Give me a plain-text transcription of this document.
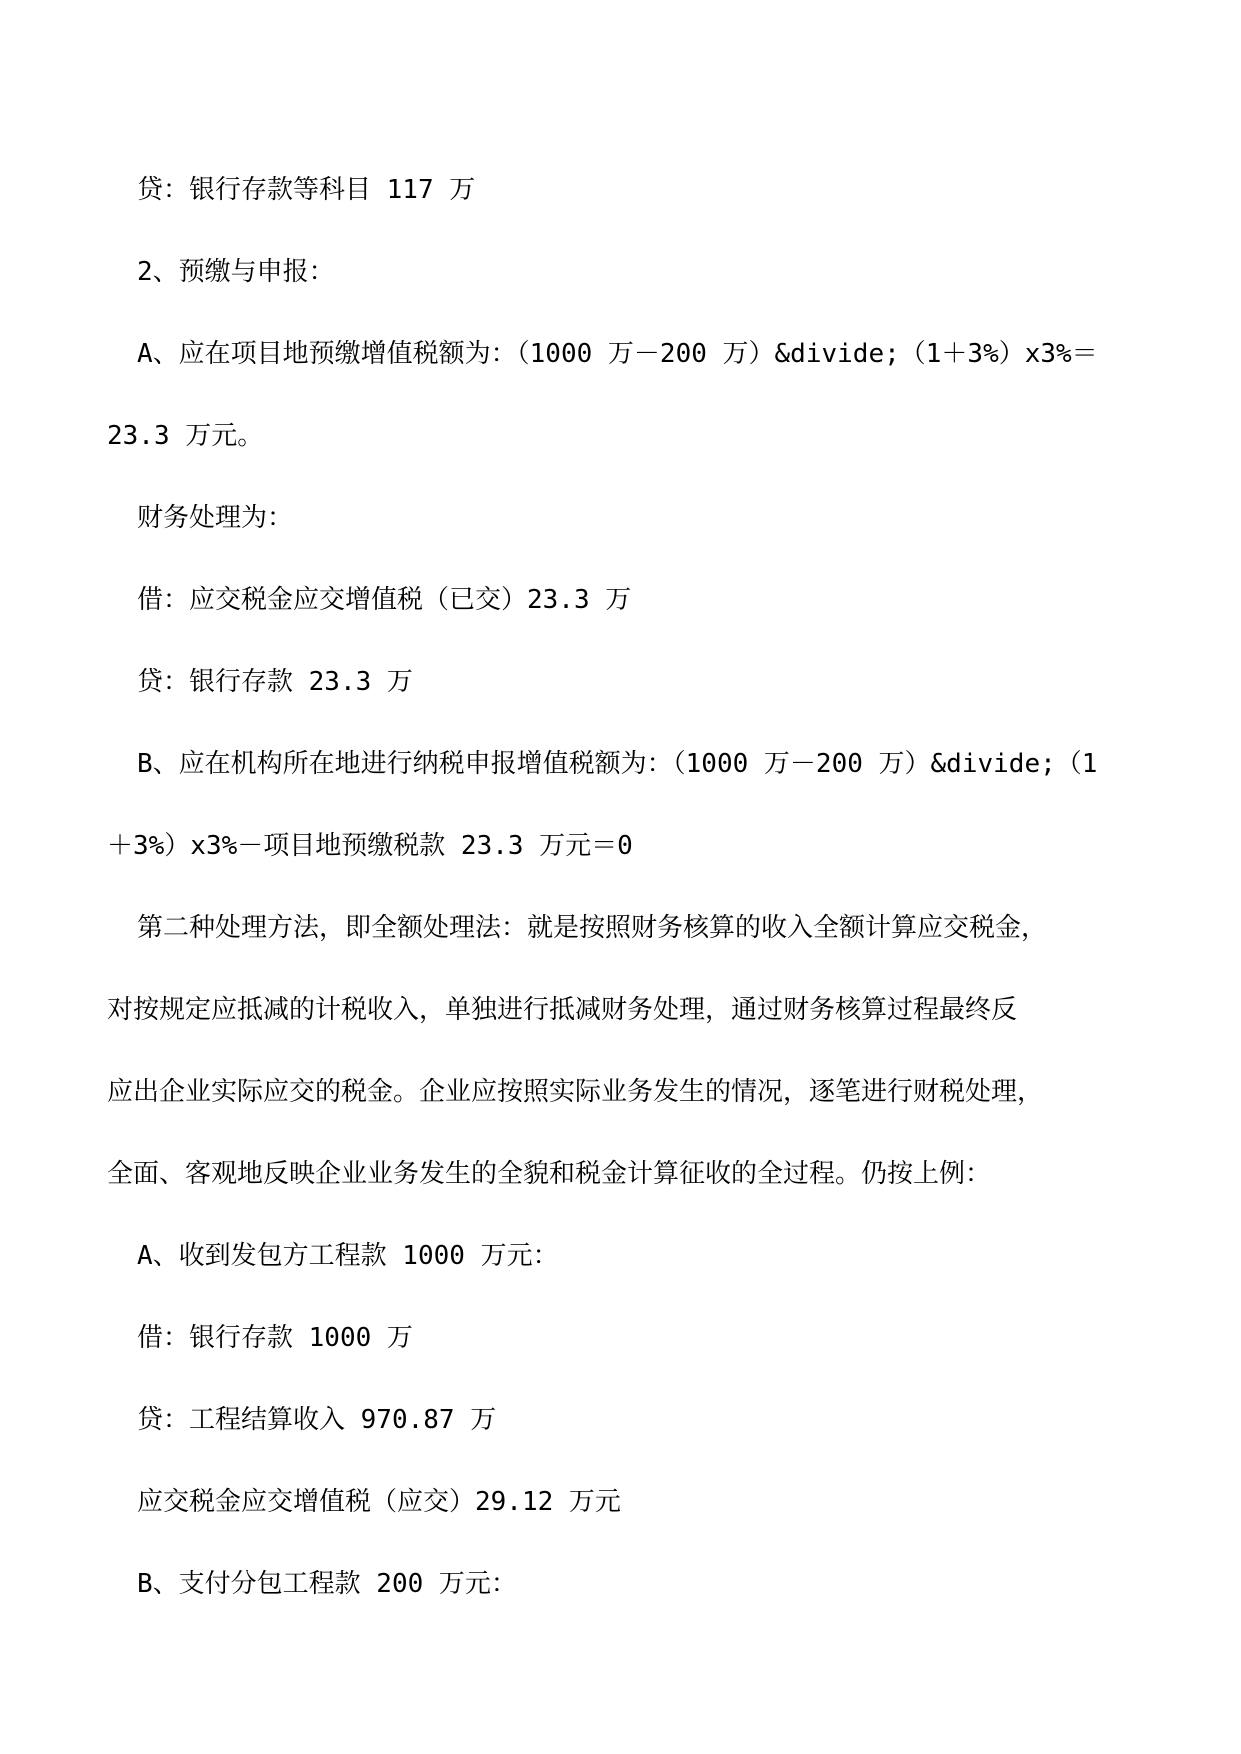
贷：银行存款等科目 117 万
2、预缴与申报：
A、应在项目地预缴增值税额为：（1000 万－200 万）&divide;（1＋3%）x3%＝
23.3 万元。
财务处理为：
借：应交税金应交增值税（已交）23.3 万
贷：银行存款 23.3 万
B、应在机构所在地进行纳税申报增值税额为：（1000 万－200 万）&divide;（1
＋3%）x3%－项目地预缴税款 23.3 万元＝0
第二种处理方法，即全额处理法：就是按照财务核算的收入全额计算应交税金，
对按规定应抵减的计税收入，单独进行抵减财务处理，通过财务核算过程最终反
应出企业实际应交的税金。企业应按照实际业务发生的情况，逐笔进行财税处理，
全面、客观地反映企业业务发生的全貌和税金计算征收的全过程。仍按上例：
A、收到发包方工程款 1000 万元：
借：银行存款 1000 万
贷：工程结算收入 970.87 万
应交税金应交增值税（应交）29.12 万元
B、支付分包工程款 200 万元：
